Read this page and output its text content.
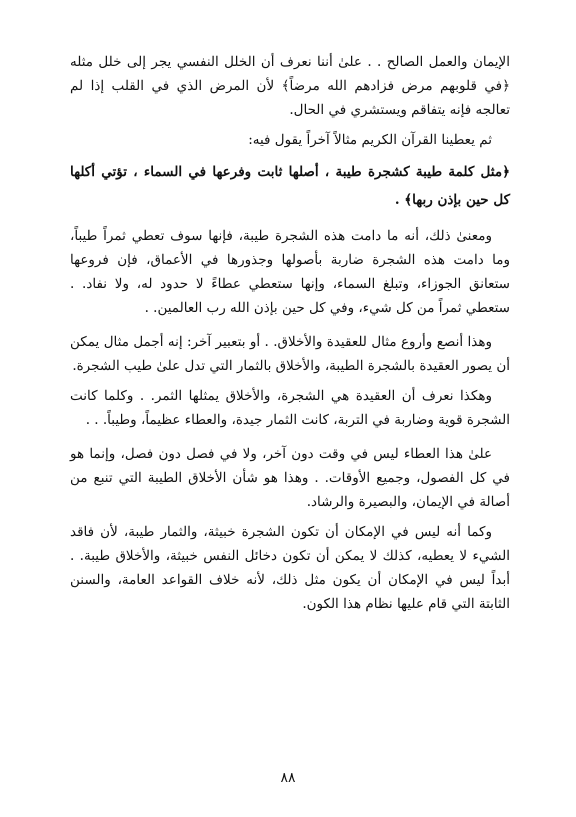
الإيمان والعمل الصالح . . علىٰ أننا نعرف أن الخلل النفسي يجر إلى خلل مثله ﴿في قلوبهم مرض فزادهم الله مرضاً﴾ لأن المرض الذي في القلب إذا لم تعالجه فإنه يتفاقم ويستشري في الحال.

ثم يعطينا القرآن الكريم مثالاً آخراً يقول فيه:

﴿مثل كلمة طيبة كشجرة طيبة ، أصلها ثابت وفرعها في السماء ، تؤتي أكلها كل حين بإذن ربها﴾ .

ومعنىٰ ذلك، أنه ما دامت هذه الشجرة طيبة، فإنها سوف تعطي ثمراً طيباً، وما دامت هذه الشجرة ضاربة بأصولها وجذورها في الأعماق، فإن فروعها ستعانق الجوزاء، وتبلغ السماء، وإنها ستعطي عطاءً لا حدود له، ولا نفاد. . ستعطي ثمراً من كل شيء، وفي كل حين بإذن الله رب العالمين. .

وهذا أنصع وأروع مثال للعقيدة والأخلاق. . أو بتعبير آخر: إنه أجمل مثال يمكن أن يصور العقيدة بالشجرة الطيبة، والأخلاق بالثمار التي تدل علىٰ طيب الشجرة.

وهكذا نعرف أن العقيدة هي الشجرة، والأخلاق يمثلها الثمر. . وكلما كانت الشجرة قوية وضاربة في التربة، كانت الثمار جيدة، والعطاء عظيماً، وطيباً. . .

علىٰ هذا العطاء ليس في وقت دون آخر، ولا في فصل دون فصل، وإنما هو في كل الفصول، وجميع الأوقات. . وهذا هو شأن الأخلاق الطيبة التي تنبع من أصالة في الإيمان، والبصيرة والرشاد.

وكما أنه ليس في الإمكان أن تكون الشجرة خبيثة، والثمار طيبة، لأن فاقد الشيء لا يعطيه، كذلك لا يمكن أن تكون دخائل النفس خبيثة، والأخلاق طيبة. . أبداً ليس في الإمكان أن يكون مثل ذلك، لأنه خلاف القواعد العامة، والسنن الثابتة التي قام عليها نظام هذا الكون.

٨٨
